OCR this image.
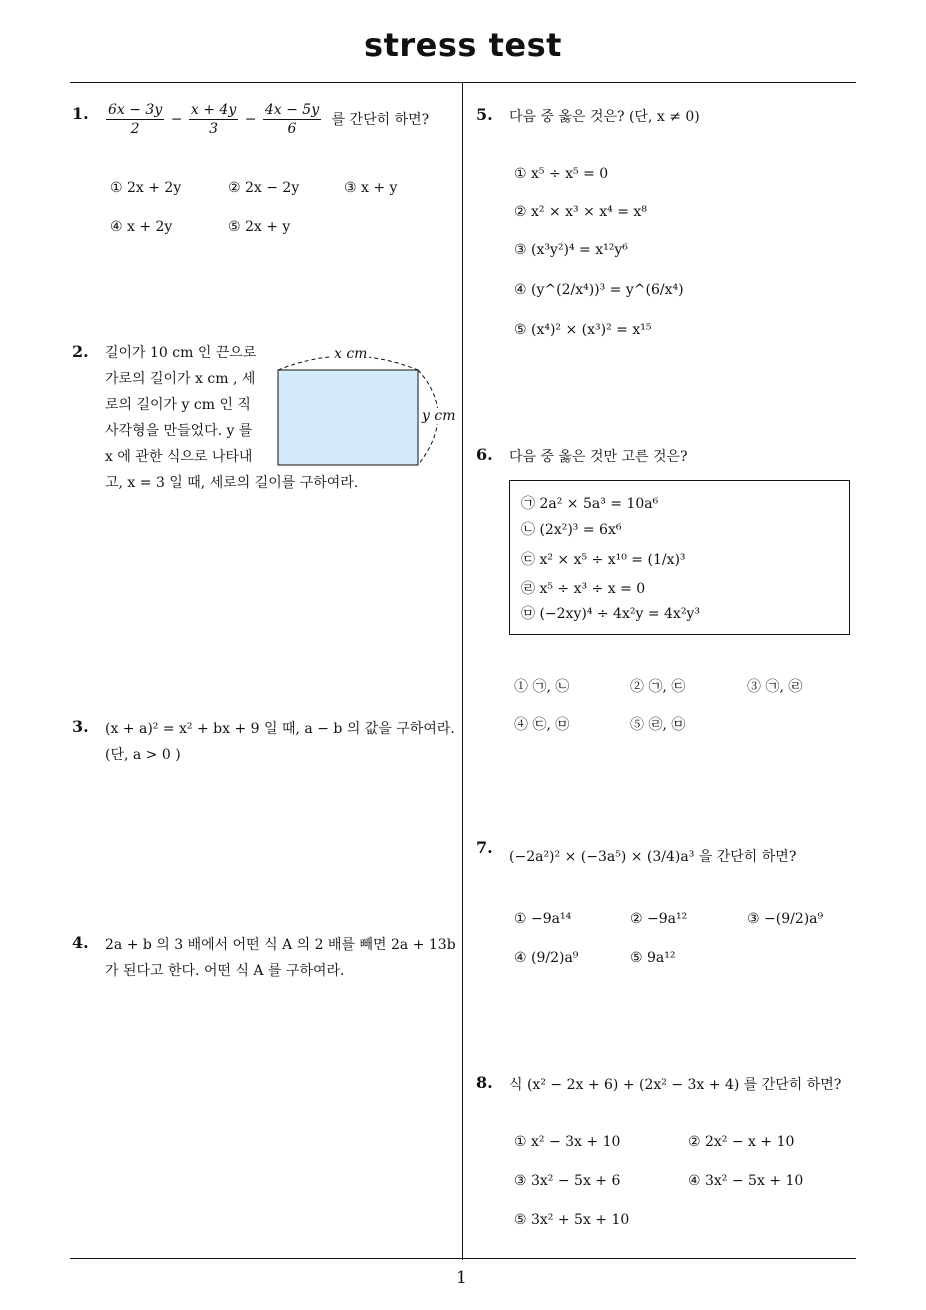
stress test
1
1. $\frac{6x - 3y}{2} - \frac{x + 4y}{3} - \frac{4x - 5y}{6}$ 를 간단히 하면?
① 2x + 2y	② 2x − 2y	③ x + y
④ x + 2y	⑤ 2x + y
2. 길이가 10 cm 인 끈으로
가로의 길이가 x cm , 세
로의 길이가 y cm 인 직
사각형을 만들었다. y 를
x 에 관한 식으로 나타내
고, x = 3 일 때, 세로의 길이를 구하여라.
x cm
y cm
3. (x + a)² = x² + bx + 9 일 때, a − b 의 값을 구하여라.
(단, a > 0 )
4. 2a + b 의 3 배에서 어떤 식 A 의 2 배를 빼면 2a + 13b
가 된다고 한다. 어떤 식 A 를 구하여라.
5. 다음 중 옳은 것은? (단, x ≠ 0)
① x⁵ ÷ x⁵ = 0
② x² × x³ × x⁴ = x⁸
③ (x³y²)⁴ = x¹²y⁶
④ (y^(2/x⁴))³ = y^(6/x⁴)
⑤ (x⁴)² × (x³)² = x¹⁵
6. 다음 중 옳은 것만 고른 것은?
㉠ 2a² × 5a³ = 10a⁶
㉡ (2x²)³ = 6x⁶
㉢ x² × x⁵ ÷ x¹⁰ = (1/x)³
㉣ x⁵ ÷ x³ ÷ x = 0
㉤ (−2xy)⁴ ÷ 4x²y = 4x²y³
① ㉠, ㉡	② ㉠, ㉢	③ ㉠, ㉣
④ ㉢, ㉤	⑤ ㉣, ㉤
7. (−2a²)² × (−3a⁵) × (3/4)a³ 을 간단히 하면?
① −9a¹⁴	② −9a¹²	③ −(9/2)a⁹
④ (9/2)a⁹	⑤ 9a¹²
8. 식 (x² − 2x + 6) + (2x² − 3x + 4) 를 간단히 하면?
① x² − 3x + 10	② 2x² − x + 10
③ 3x² − 5x + 6	④ 3x² − 5x + 10
⑤ 3x² + 5x + 10
